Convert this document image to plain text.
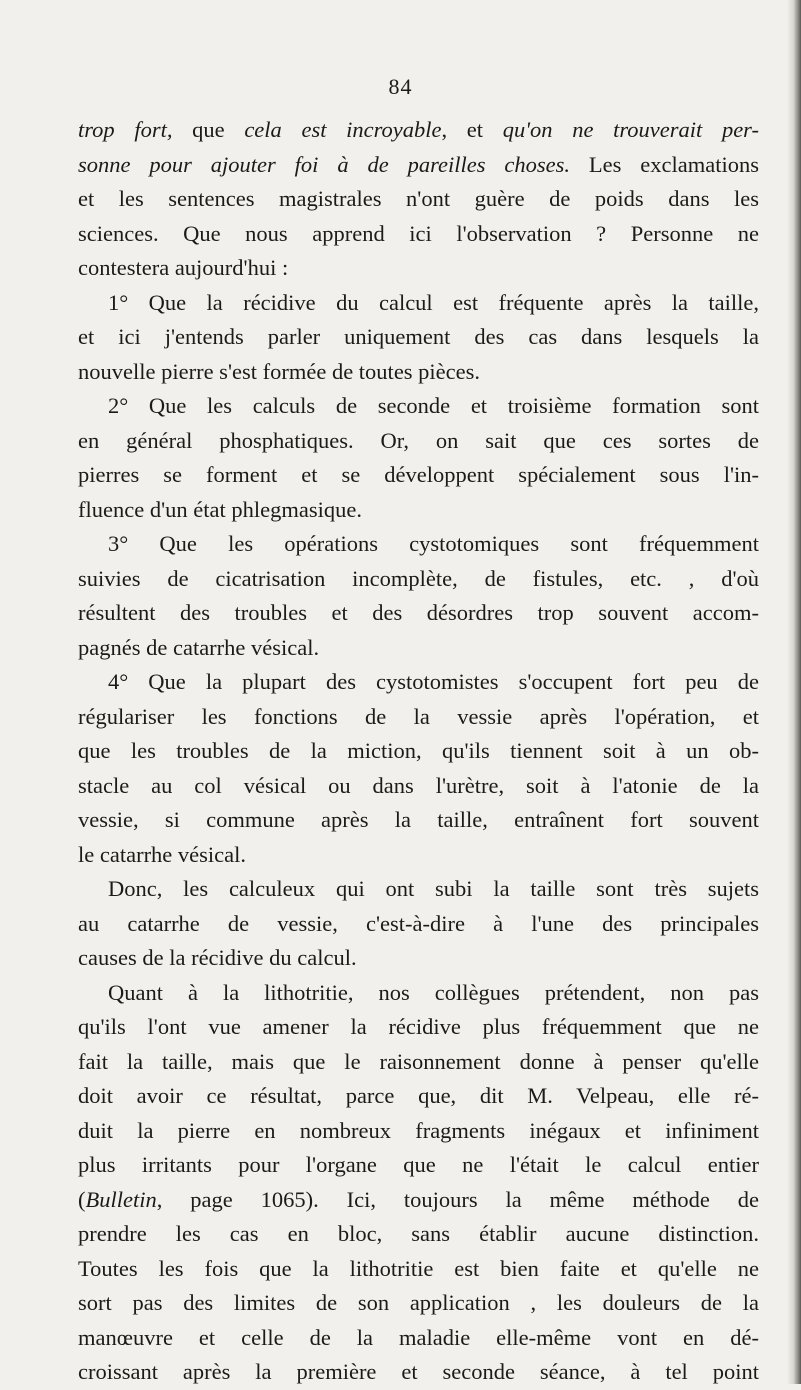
84
trop fort, que cela est incroyable, et qu'on ne trouverait per-
sonne pour ajouter foi à de pareilles choses. Les exclamations
et les sentences magistrales n'ont guère de poids dans les
sciences. Que nous apprend ici l'observation ? Personne ne
contestera aujourd'hui :
1° Que la récidive du calcul est fréquente après la taille,
et ici j'entends parler uniquement des cas dans lesquels la
nouvelle pierre s'est formée de toutes pièces.
2° Que les calculs de seconde et troisième formation sont
en général phosphatiques. Or, on sait que ces sortes de
pierres se forment et se développent spécialement sous l'in-
fluence d'un état phlegmasique.
3° Que les opérations cystotomiques sont fréquemment
suivies de cicatrisation incomplète, de fistules, etc. , d'où
résultent des troubles et des désordres trop souvent accom-
pagnés de catarrhe vésical.
4° Que la plupart des cystotomistes s'occupent fort peu de
régulariser les fonctions de la vessie après l'opération, et
que les troubles de la miction, qu'ils tiennent soit à un ob-
stacle au col vésical ou dans l'urètre, soit à l'atonie de la
vessie, si commune après la taille, entraînent fort souvent
le catarrhe vésical.
Donc, les calculeux qui ont subi la taille sont très sujets
au catarrhe de vessie, c'est-à-dire à l'une des principales
causes de la récidive du calcul.
Quant à la lithotritie, nos collègues prétendent, non pas
qu'ils l'ont vue amener la récidive plus fréquemment que ne
fait la taille, mais que le raisonnement donne à penser qu'elle
doit avoir ce résultat, parce que, dit M. Velpeau, elle ré-
duit la pierre en nombreux fragments inégaux et infiniment
plus irritants pour l'organe que ne l'était le calcul entier
(Bulletin, page 1065). Ici, toujours la même méthode de
prendre les cas en bloc, sans établir aucune distinction.
Toutes les fois que la lithotritie est bien faite et qu'elle ne
sort pas des limites de son application , les douleurs de la
manœuvre et celle de la maladie elle-même vont en dé-
croissant après la première et seconde séance, à tel point
